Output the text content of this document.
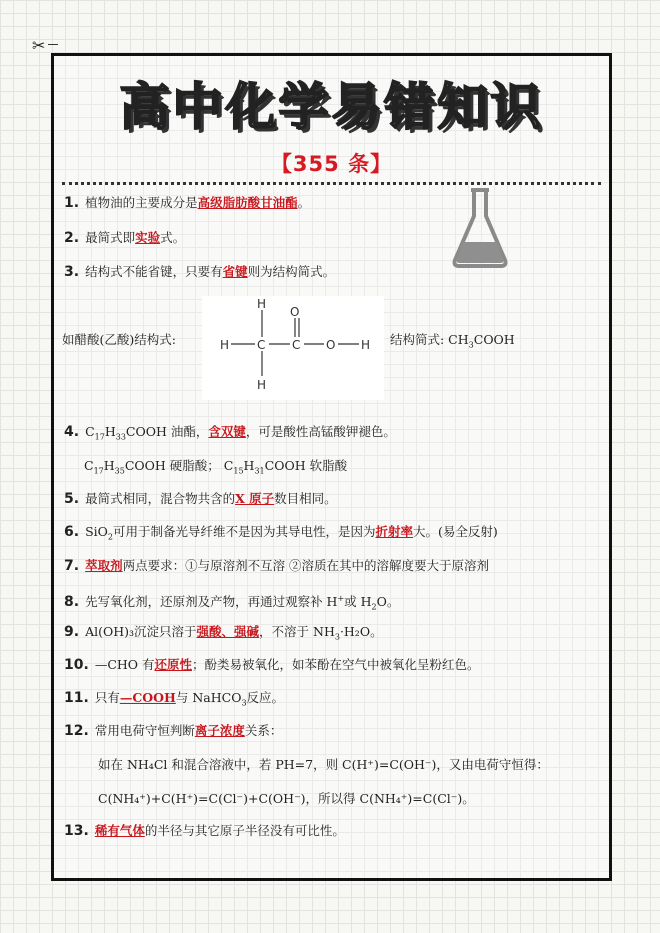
✂
高中化学易错知识
【355 条】
1. 植物油的主要成分是高级脂肪酸甘油酯。
2. 最简式即实验式。
3. 结构式不能省键，只要有省键则为结构简式。
如醋酸(乙酸)结构式:
H
O
H C C O H
H
结构简式: $CH_3COOH$
4. $C_{17}H_{33}COOH$ 油酯，含双键，可是酸性高锰酸钾褪色。
$C_{17}H_{35}COOH$ 硬脂酸； $C_{15}H_{31}COOH$ 软脂酸
5. 最简式相同，混合物共含的X 原子数目相同。
6. SiO$_2$可用于制备光导纤维不是因为其导电性，是因为折射率大。(易全反射)
7. 萃取剂两点要求：①与原溶剂不互溶 ②溶质在其中的溶解度要大于原溶剂
8. 先写氧化剂，还原剂及产物，再通过观察补 H+或 $H_2O$。
9. Al(OH)₃沉淀只溶于强酸、强碱，不溶于 $NH_3\cdot H_2O$。
10. —CHO 有还原性；酚类易被氧化，如苯酚在空气中被氧化呈粉红色。
11. 只有—COOH与 NaHCO$_3$反应。
12. 常用电荷守恒判断离子浓度关系：
如在 NH₄Cl 和混合溶液中，若 PH=7，则 C(H⁺)=C(OH⁻)，又由电荷守恒得：
C(NH₄⁺)+C(H⁺)=C(Cl⁻)+C(OH⁻)，所以得 C(NH₄⁺)=C(Cl⁻)。
13. 稀有气体的半径与其它原子半径没有可比性。
